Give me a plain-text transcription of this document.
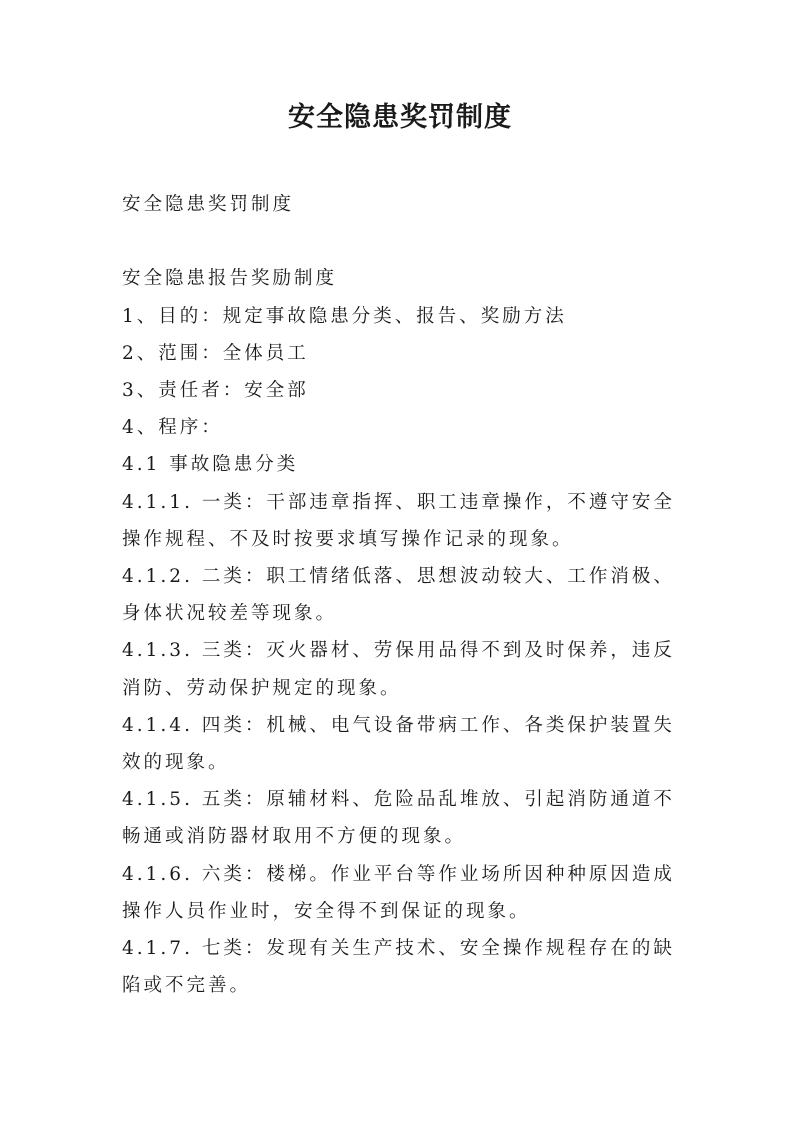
安全隐患奖罚制度

安全隐患奖罚制度

安全隐患报告奖励制度

1、目的：规定事故隐患分类、报告、奖励方法

2、范围：全体员工

3、责任者：安全部

4、程序：

4.1 事故隐患分类

4.1.1. 一类：干部违章指挥、职工违章操作，不遵守安全操作规程、不及时按要求填写操作记录的现象。

4.1.2. 二类：职工情绪低落、思想波动较大、工作消极、身体状况较差等现象。

4.1.3. 三类：灭火器材、劳保用品得不到及时保养，违反消防、劳动保护规定的现象。

4.1.4. 四类：机械、电气设备带病工作、各类保护装置失效的现象。

4.1.5. 五类：原辅材料、危险品乱堆放、引起消防通道不畅通或消防器材取用不方便的现象。

4.1.6. 六类：楼梯。作业平台等作业场所因种种原因造成操作人员作业时，安全得不到保证的现象。

4.1.7. 七类：发现有关生产技术、安全操作规程存在的缺陷或不完善。
